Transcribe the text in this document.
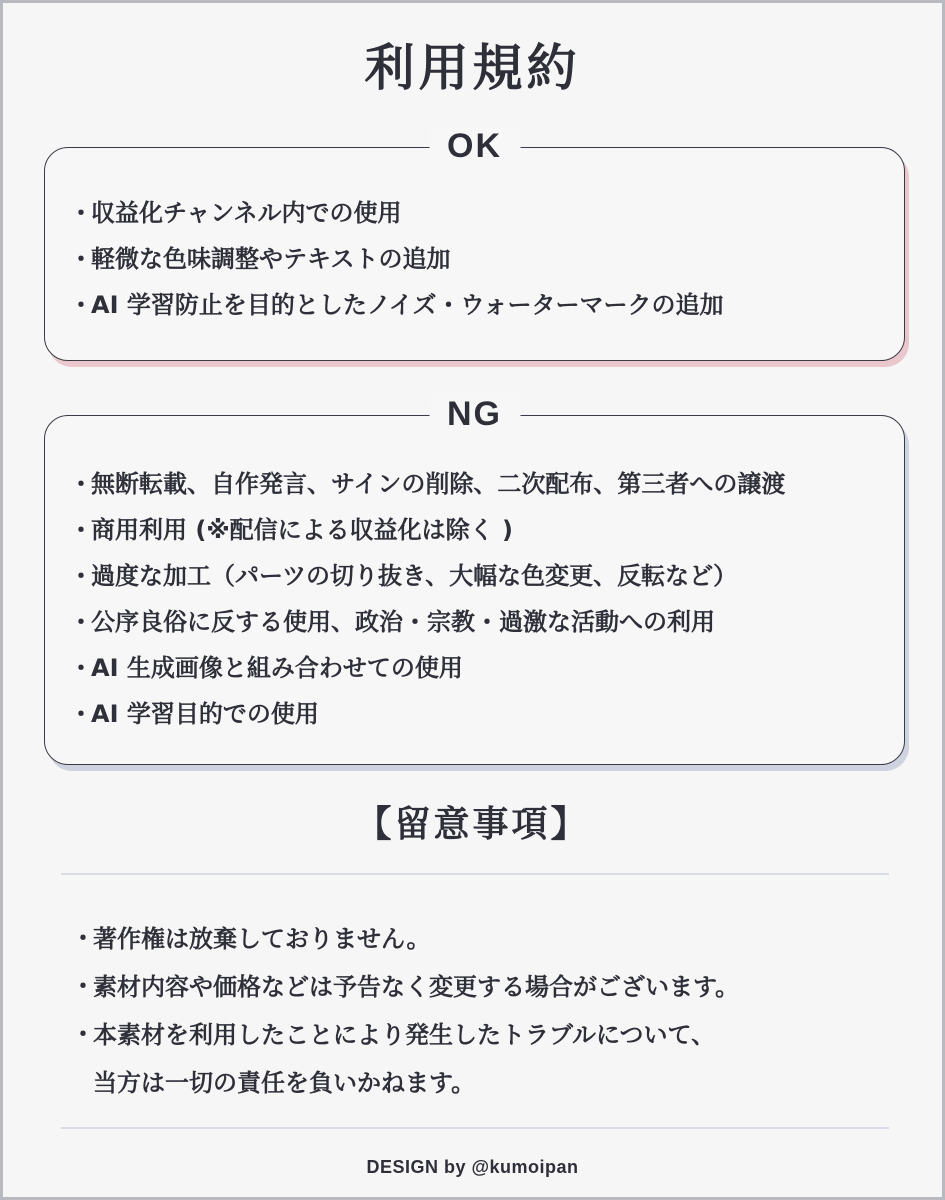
利用規約
OK
・
収益化チャンネル内での使用
・
軽微な色味調整やテキストの追加
・
AI 学習防止を目的としたノイズ・ウォーターマークの追加
NG
・
無断転載、自作発言、サインの削除、二次配布、第三者への譲渡
・
商用利用 (※配信による収益化は除く )
・
過度な加工（パーツの切り抜き、大幅な色変更、反転など）
・
公序良俗に反する使用、政治・宗教・過激な活動への利用
・
AI 生成画像と組み合わせての使用
・
AI 学習目的での使用
【留意事項】
・
著作権は放棄しておりません。
・
素材内容や価格などは予告なく変更する場合がございます。
・
本素材を利用したことにより発生したトラブルについて、
当方は一切の責任を負いかねます。
DESIGN by @kumoipan
